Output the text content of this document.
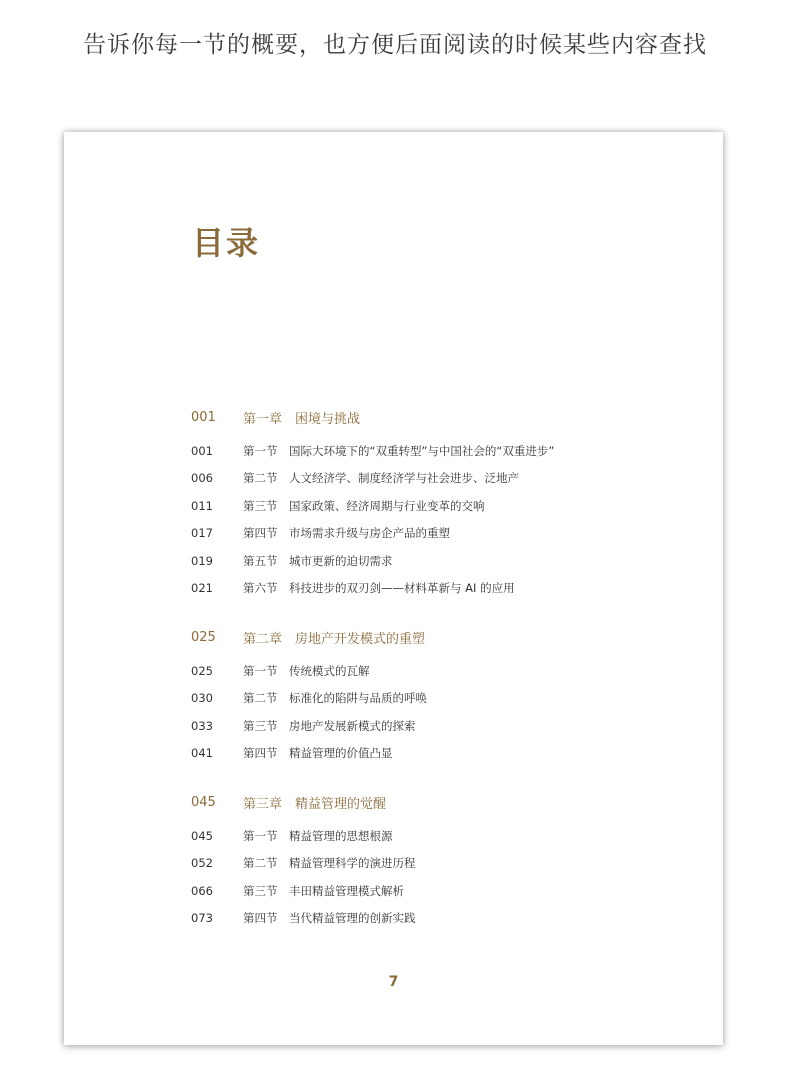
告诉你每一节的概要，也方便后面阅读的时候某些内容查找
目录
001	第一章 困境与挑战
001	第一节	国际大环境下的“双重转型”与中国社会的“双重进步”
006	第二节	人文经济学、制度经济学与社会进步、泛地产
011	第三节	国家政策、经济周期与行业变革的交响
017	第四节	市场需求升级与房企产品的重塑
019	第五节	城市更新的迫切需求
021	第六节	科技进步的双刃剑——材料革新与 AI 的应用
025	第二章 房地产开发模式的重塑
025	第一节	传统模式的瓦解
030	第二节	标准化的陷阱与品质的呼唤
033	第三节	房地产发展新模式的探索
041	第四节	精益管理的价值凸显
045	第三章 精益管理的觉醒
045	第一节	精益管理的思想根源
052	第二节	精益管理科学的演进历程
066	第三节	丰田精益管理模式解析
073	第四节	当代精益管理的创新实践
7
